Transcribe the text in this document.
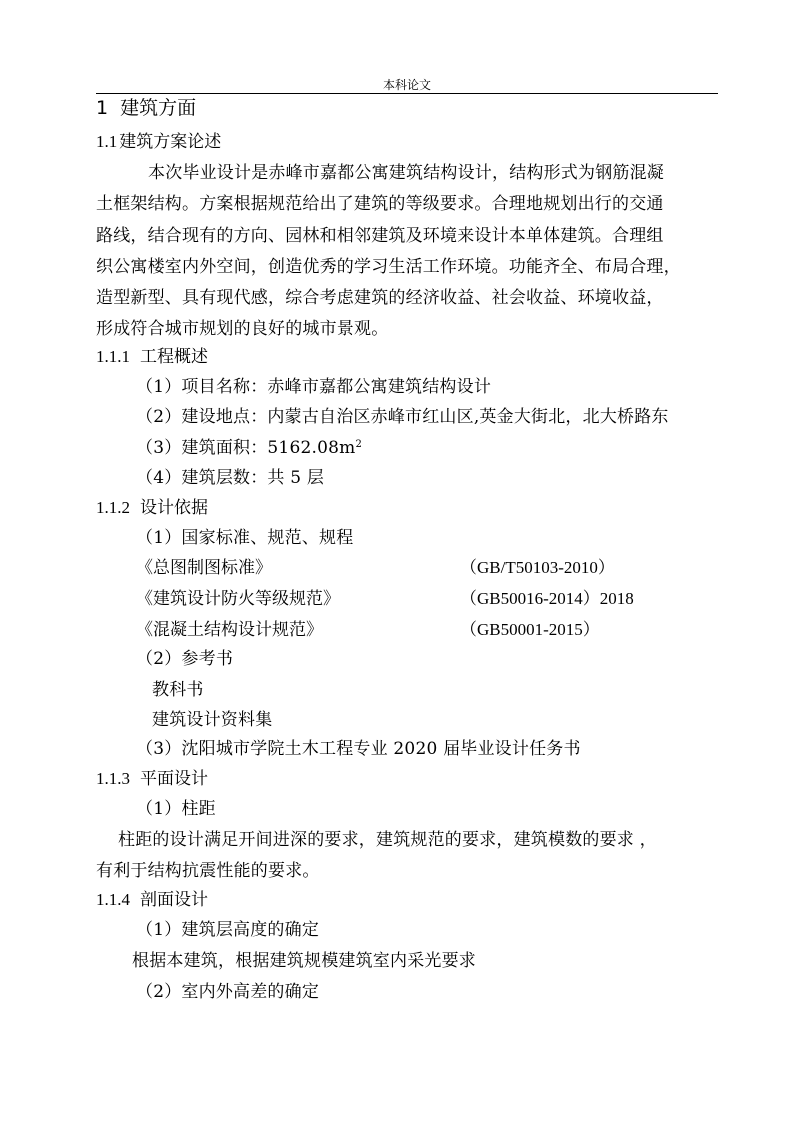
本科论文
1 建筑方面
1.1 建筑方案论述
本次毕业设计是赤峰市嘉都公寓建筑结构设计，结构形式为钢筋混凝
土框架结构。方案根据规范给出了建筑的等级要求。合理地规划出行的交通
路线，结合现有的方向、园林和相邻建筑及环境来设计本单体建筑。合理组
织公寓楼室内外空间，创造优秀的学习生活工作环境。功能齐全、布局合理，
造型新型、具有现代感，综合考虑建筑的经济收益、社会收益、环境收益，
形成符合城市规划的良好的城市景观。
1.1.1 工程概述
（1）项目名称：赤峰市嘉都公寓建筑结构设计
（2）建设地点：内蒙古自治区赤峰市红山区,英金大街北，北大桥路东
（3）建筑面积：$5162.08m^2$
（4）建筑层数：共 5 层
1.1.2 设计依据
（1）国家标准、规范、规程
《总图制图标准》	（GB/T50103-2010）
《建筑设计防火等级规范》	（GB50016-2014）2018
《混凝土结构设计规范》	（GB50001-2015）
（2）参考书
教科书
建筑设计资料集
（3）沈阳城市学院土木工程专业 2020 届毕业设计任务书
1.1.3 平面设计
（1）柱距
柱距的设计满足开间进深的要求，建筑规范的要求，建筑模数的要求 ，
有利于结构抗震性能的要求。
1.1.4 剖面设计
（1）建筑层高度的确定
根据本建筑，根据建筑规模建筑室内采光要求
（2）室内外高差的确定
